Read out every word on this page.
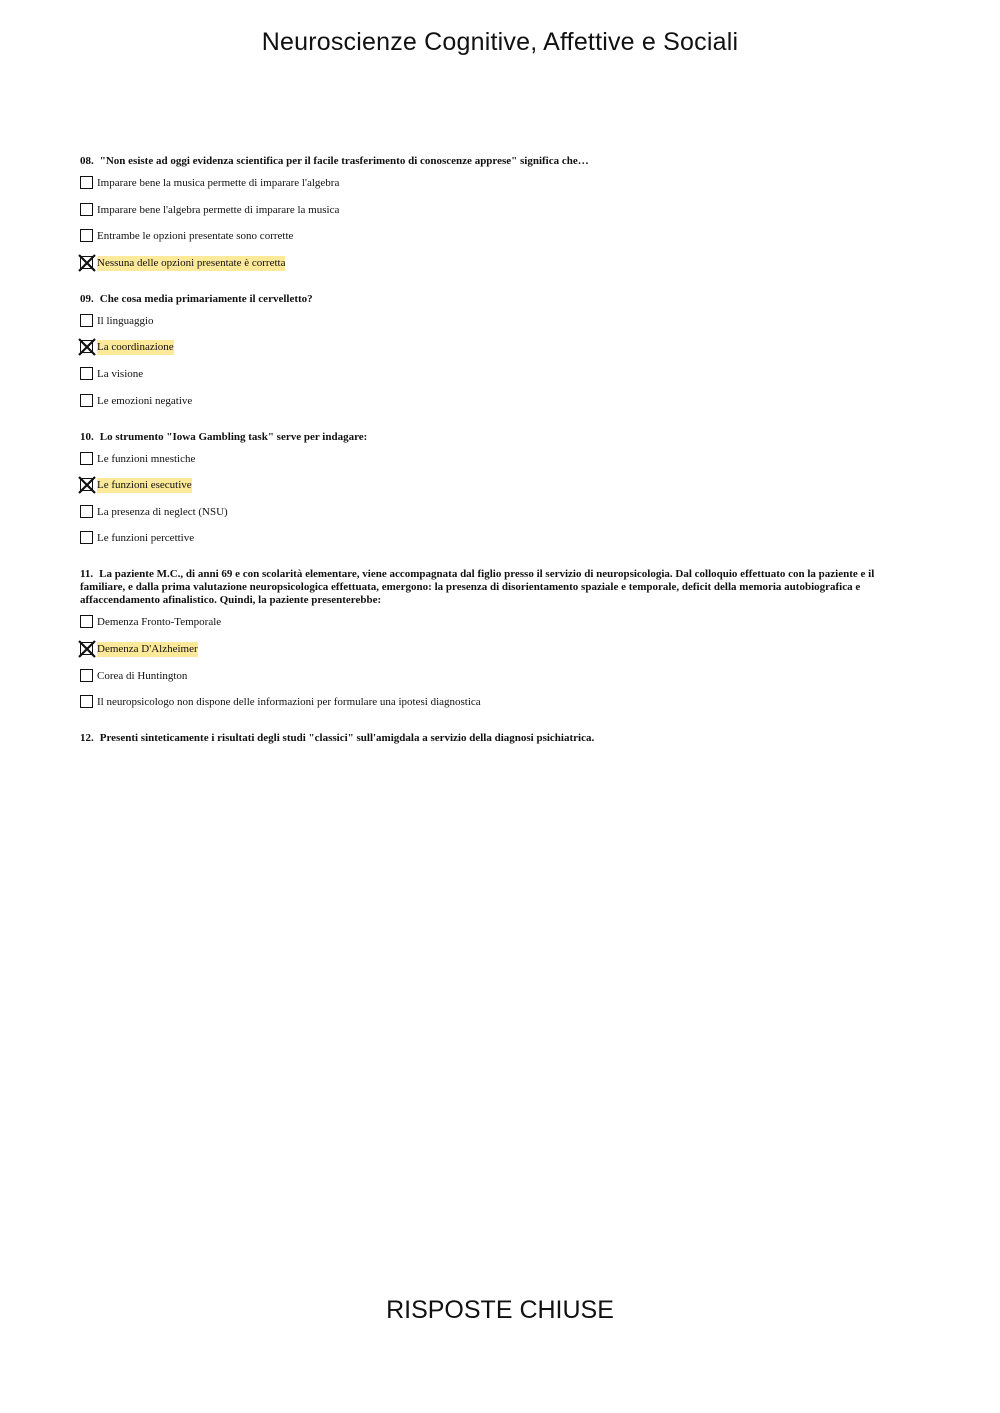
Neuroscienze Cognitive, Affettive e Sociali
08. "Non esiste ad oggi evidenza scientifica per il facile trasferimento di conoscenze apprese" significa che…
Imparare bene la musica permette di imparare l'algebra
Imparare bene l'algebra permette di imparare la musica
Entrambe le opzioni presentate sono corrette
Nessuna delle opzioni presentate è corretta
09. Che cosa media primariamente il cervelletto?
Il linguaggio
La coordinazione
La visione
Le emozioni negative
10. Lo strumento "Iowa Gambling task" serve per indagare:
Le funzioni mnestiche
Le funzioni esecutive
La presenza di neglect (NSU)
Le funzioni percettive
11. La paziente M.C., di anni 69 e con scolarità elementare, viene accompagnata dal figlio presso il servizio di neuropsicologia. Dal colloquio effettuato con la paziente e il familiare, e dalla prima valutazione neuropsicologica effettuata, emergono: la presenza di disorientamento spaziale e temporale, deficit della memoria autobiografica e affaccendamento afinalistico. Quindi, la paziente presenterebbe:
Demenza Fronto-Temporale
Demenza D'Alzheimer
Corea di Huntington
Il neuropsicologo non dispone delle informazioni per formulare una ipotesi diagnostica
12. Presenti sinteticamente i risultati degli studi "classici" sull'amigdala a servizio della diagnosi psichiatrica.
RISPOSTE CHIUSE
